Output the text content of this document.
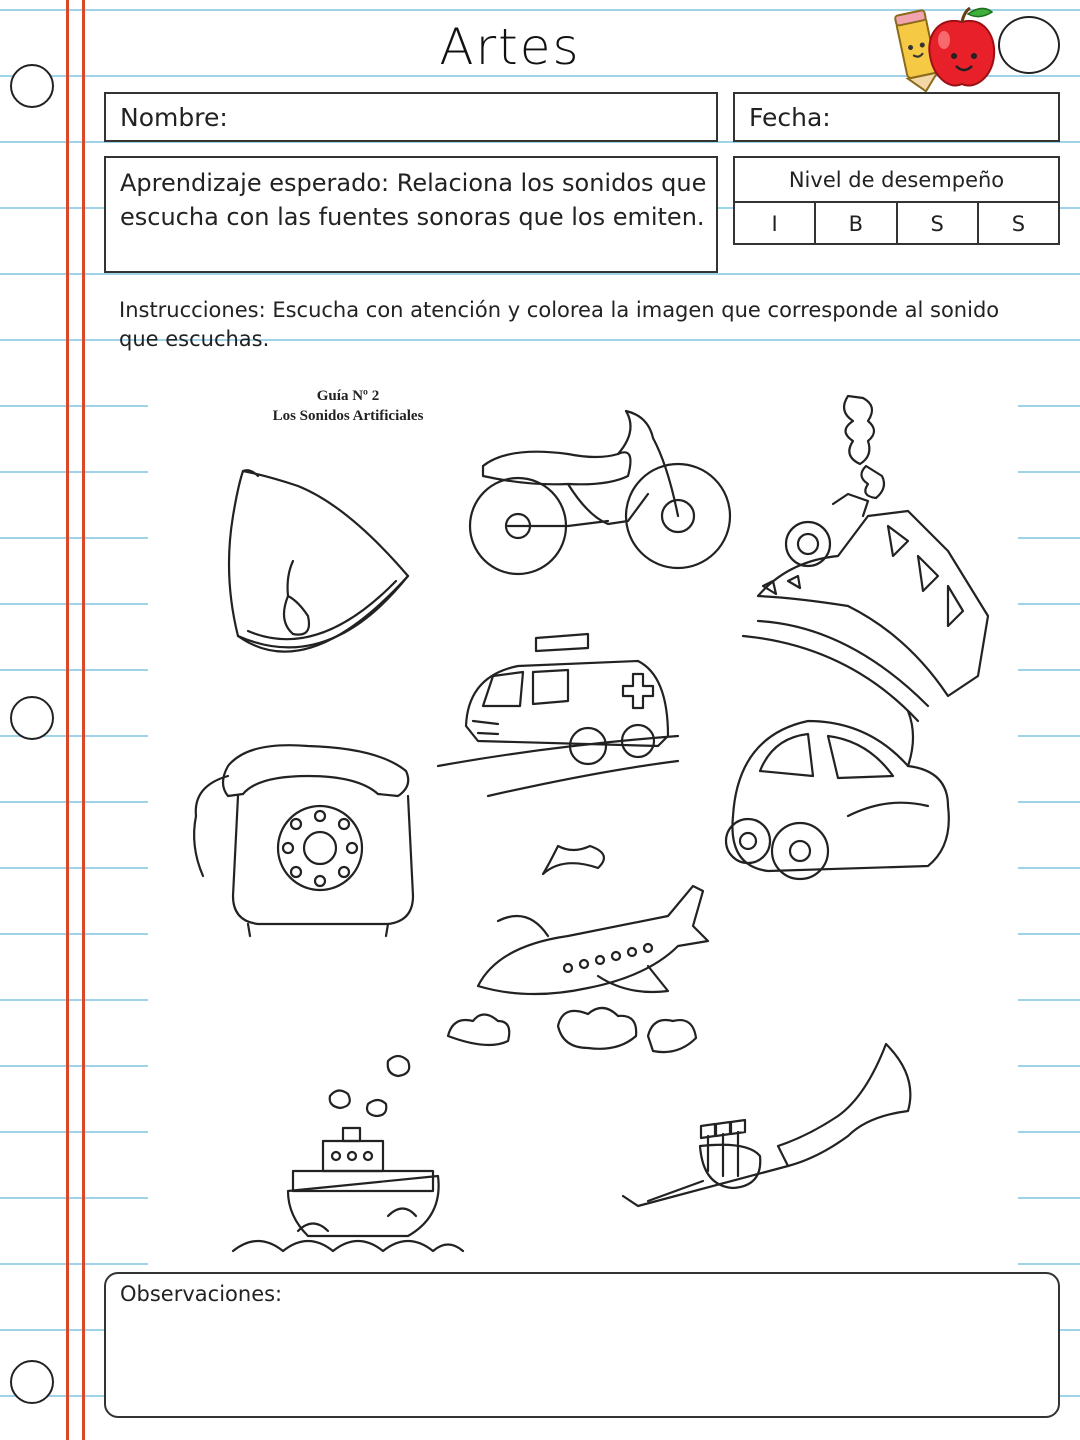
Artes
Nombre:	Fecha:
Aprendizaje esperado: Relaciona los sonidos que escucha con las fuentes sonoras que los emiten.
Nivel de desempeño
I	B	S	S
Instrucciones: Escucha con atención y colorea la imagen que corresponde al sonido que escuchas.
Guía Nº 2
Los Sonidos Artificiales
Observaciones:
